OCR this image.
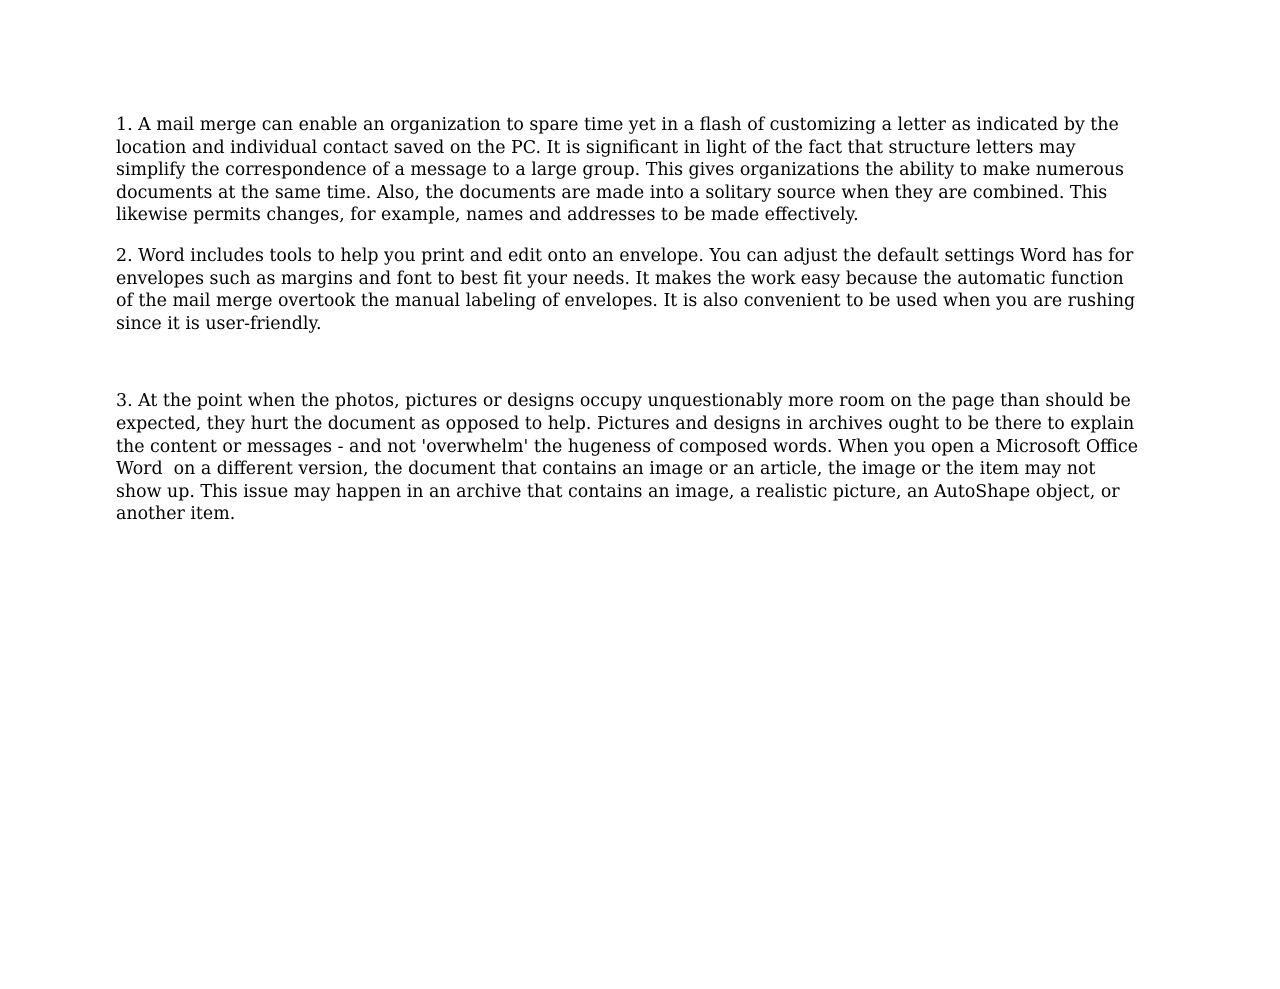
1. A mail merge can enable an organization to spare time yet in a flash of customizing a letter as indicated by the
location and individual contact saved on the PC. It is significant in light of the fact that structure letters may
simplify the correspondence of a message to a large group. This gives organizations the ability to make numerous
documents at the same time. Also, the documents are made into a solitary source when they are combined. This
likewise permits changes, for example, names and addresses to be made effectively.
2. Word includes tools to help you print and edit onto an envelope. You can adjust the default settings Word has for
envelopes such as margins and font to best fit your needs. It makes the work easy because the automatic function
of the mail merge overtook the manual labeling of envelopes. It is also convenient to be used when you are rushing
since it is user-friendly.
3. At the point when the photos, pictures or designs occupy unquestionably more room on the page than should be
expected, they hurt the document as opposed to help. Pictures and designs in archives ought to be there to explain
the content or messages - and not 'overwhelm' the hugeness of composed words. When you open a Microsoft Office
Word  on a different version, the document that contains an image or an article, the image or the item may not
show up. This issue may happen in an archive that contains an image, a realistic picture, an AutoShape object, or
another item.
